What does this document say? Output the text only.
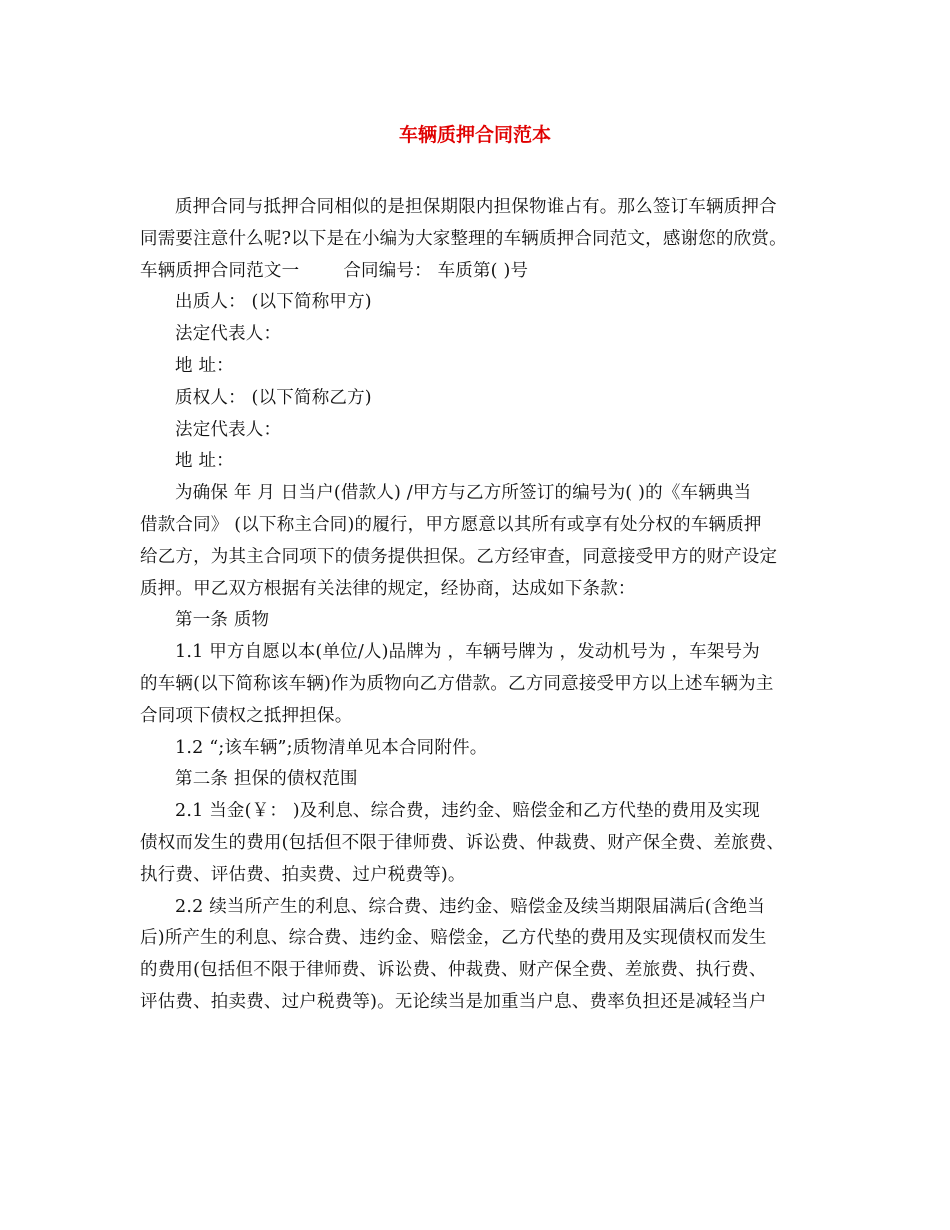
车辆质押合同范本
质押合同与抵押合同相似的是担保期限内担保物谁占有。那么签订车辆质押合
同需要注意什么呢?以下是在小编为大家整理的车辆质押合同范文，感谢您的欣赏。
车辆质押合同范文一	合同编号： 车质第( )号
出质人： (以下简称甲方)
法定代表人：
地 址：
质权人： (以下简称乙方)
法定代表人：
地 址：
为确保 年 月 日当户(借款人) /甲方与乙方所签订的编号为( )的《车辆典当
借款合同》 (以下称主合同)的履行，甲方愿意以其所有或享有处分权的车辆质押
给乙方，为其主合同项下的债务提供担保。乙方经审查，同意接受甲方的财产设定
质押。甲乙双方根据有关法律的规定，经协商，达成如下条款：
第一条 质物
1.1 甲方自愿以本(单位/人)品牌为 ，车辆号牌为 ，发动机号为 ，车架号为
的车辆(以下简称该车辆)作为质物向乙方借款。乙方同意接受甲方以上述车辆为主
合同项下债权之抵押担保。
1.2 “;该车辆”;质物清单见本合同附件。
第二条 担保的债权范围
2.1 当金(￥： )及利息、综合费，违约金、赔偿金和乙方代垫的费用及实现
债权而发生的费用(包括但不限于律师费、诉讼费、仲裁费、财产保全费、差旅费、
执行费、评估费、拍卖费、过户税费等)。
2.2 续当所产生的利息、综合费、违约金、赔偿金及续当期限届满后(含绝当
后)所产生的利息、综合费、违约金、赔偿金，乙方代垫的费用及实现债权而发生
的费用(包括但不限于律师费、诉讼费、仲裁费、财产保全费、差旅费、执行费、
评估费、拍卖费、过户税费等)。无论续当是加重当户息、费率负担还是减轻当户
